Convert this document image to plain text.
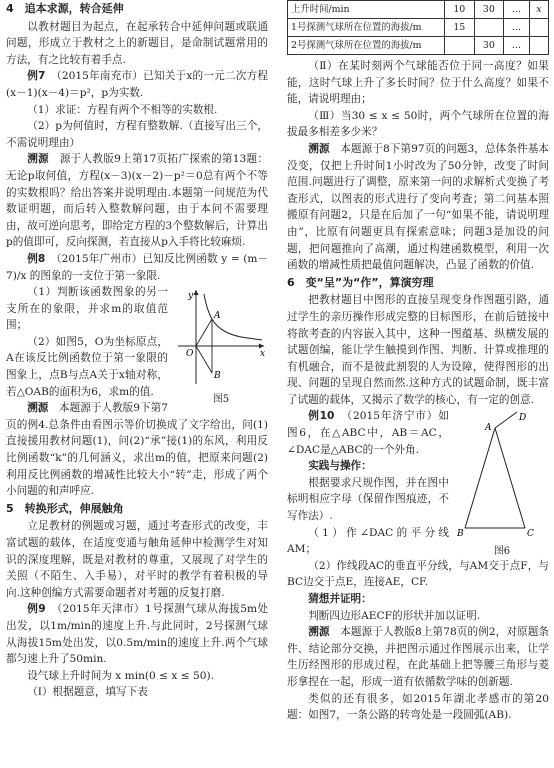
4　追本求源，转合延伸

以教材题目为起点，在起承转合中延伸问题或联通问题，形成立于教材之上的新题目，是命制试题常用的方法，有之比较有着手点.

例7　 （2015年南充市）已知关于x的一元二次方程(x－1)(x－4)＝p²，p为实数.

（1）求证：方程有两个不相等的实数根.

（2）p为何值时，方程有整数解.（直接写出三个，不需说明理由）

溯源　 源于人教版9上第17页拓广探索的第13题：无论p取何值，方程(x－3)(x－2)－p²＝0总有两个不等的实数根吗？给出答案并说明理由.本题第一问规范为代数证明题，而后转入整数解问题，由于本问不需要理由，故可逆向思考，即给定方程的3个整数解后，计算出p的值即可，反向探测，若直接从p入手将比较麻烦.

例8　 （2015年广州市）已知反比例函数 y = (m－7)/x 的图象的一支位于第一象限.

y
x
O
A
B
图5

（1）判断该函数图象的另一支所在的象限，并求m的取值范围；

（2）如图5，O为坐标原点，A在该反比例函数位于第一象限的图象上，点B与点A关于x轴对称，若△OAB的面积为6，求m的值.

溯源　 本题源于人教版9下第7页的例4.总条件由看图示等价切换成了文字给出，问(1)直接援用教材问题(1)，问(2)“承”接(1)的东风，利用反比例函数“k”的几何涵义，求出m的值，把原来问题(2)利用反比例函数的增减性比较大小“转”走，形成了两个小问题的和声呼应.

5　转换形式，伸展触角

立足教材的例题或习题，通过考查形式的改变，丰富试题的载体，在适度变通与触角延伸中检测学生对知识的深度理解，既是对教材的尊重，又展现了对学生的关照（不陌生、入手易），对平时的教学有着积极的导向.这种创编方式需要命题者对考题的反复打磨.

例9　 （2015年天津市）1号探测气球从海拔5m处出发，以1m/min的速度上升.与此同时，2号探测气球从海拔15m处出发，以0.5m/min的速度上升.两个气球都匀速上升了50min.

设气球上升时间为 x min(0 ≤ x ≤ 50).

（Ⅰ）根据题意，填写下表

上升时间/min	10	30	…	x
1号探测气球所在位置的海拔/m	15		…	
2号探测气球所在位置的海拔/m		30	…	

（Ⅱ）在某时刻两个气球能否位于同一高度？如果能，这时气球上升了多长时间？位于什么高度？如果不能，请说明理由；

（Ⅲ）当30 ≤ x ≤ 50时，两个气球所在位置的海拔最多相差多少米？

溯源　 本题源于8下第97页的问题3，总体条件基本没变，仅把上升时间1小时改为了50分钟，改变了时间范围.问题进行了调整，原来第一问的求解析式变换了考查形式，以图表的形式进行了变向考查；第二问基本照搬原有问题2，只是在后加了一句“如果不能，请说明理由”，比原有问题更具有探索意味；问题3是加设的问题，把问题推向了高潮，通过构建函数模型，利用一次函数的增减性质把最值问题解决，凸显了函数的价值.

6　变“呈”为“作”，算演穷理

把教材题目中图形的直接呈现变身作图题引路，通过学生的亲历操作形成完整的目标图形，在前后链接中将欲考查的内容嵌入其中，这种一图蕴基、纵横发展的试题创编，能让学生触摸到作图、判断、计算或推理的有机融合，而不是彼此割裂的人为设障，使得图形的出现、问题的呈现自然而然.这种方式的试题命制，既丰富了试题的载体，又揭示了数学的核心，有一定的创意.

D
A
B	C
图6

例10　 （2015年济宁市）如图6，在△ABC中，AB＝AC，∠DAC是△ABC的一个外角.

实践与操作：

根据要求尺规作图，并在图中标明相应字母（保留作图痕迹，不写作法）.

（1）作∠DAC的平分线AM；

（2）作线段AC的垂直平分线，与AM交于点F，与BC边交于点E，连接AE，CF.

猜想并证明：

判断四边形AECF的形状并加以证明.

溯源　 本题源于人教版8上第78页的例2，对原题条件、结论部分交换，并把图示通过作图展示出来，让学生历经图形的形成过程，在此基础上把等腰三角形与菱形拿捏在一起，形成一道有依循数学味的创新题.

类似的还有很多，如2015年湖北孝感市的第20题：如图7，一条公路的转弯处是一段圆弧(AB).
